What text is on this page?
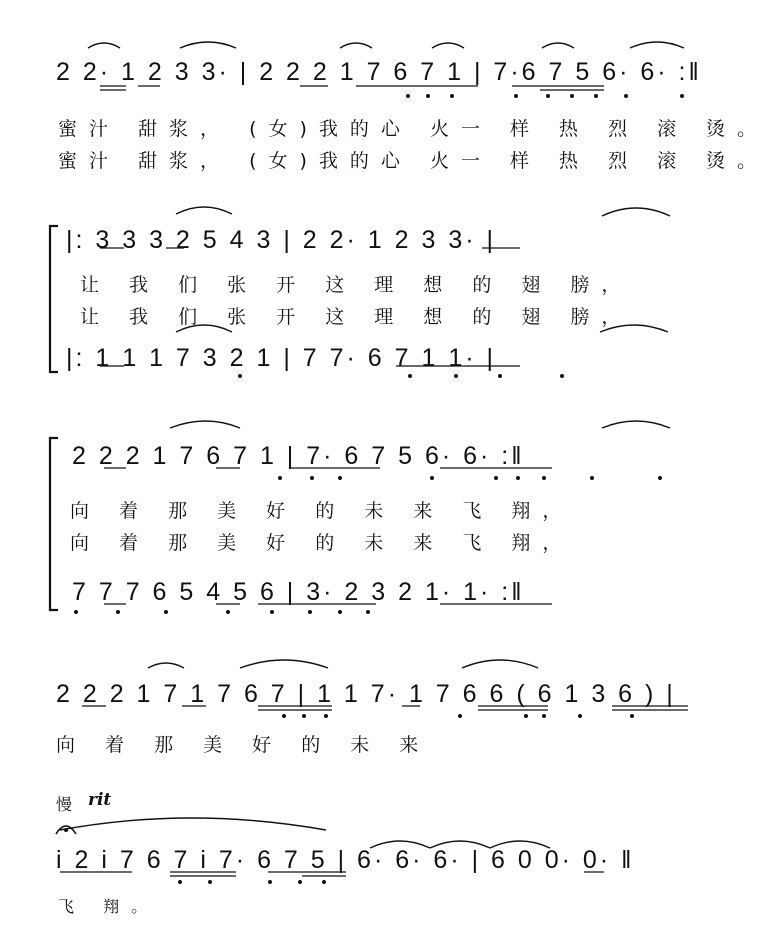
2 2· 1 2 3 3· | 2 2 2 1 7 6 7 1 | 7·6 7 5 6· 6· :‖
蜜汁 甜浆， (女)我的心 火一 样 热 烈 滚 烫。
蜜汁 甜浆， (女)我的心 火一 样 热 烈 滚 烫。
|: 3 3 3 2 5 4 3 | 2 2· 1 2 3 3· |
让 我 们 张 开 这 理 想 的 翅 膀，
让 我 们 张 开 这 理 想 的 翅 膀，
|: 1 1 1 7 3 2 1 | 7 7· 6 7 1 1· |
2 2 2 1 7 6 7 1 | 7· 6 7 5 6· 6· :‖
向 着 那 美 好 的 未 来 飞 翔，
向 着 那 美 好 的 未 来 飞 翔，
7 7 7 6 5 4 5 6 | 3· 2 3 2 1· 1· :‖
2 2 2 1 7 1 7 6 7 | 1 1 7· 1 7 6 6 ( 6 1 3 6 ) |
向 着 那 美 好 的 未 来
慢 rit
i 2 i 7 6 7 i 7· 6 7 5 | 6· 6· 6· | 6 0 0· 0· ‖
飞 翔。
